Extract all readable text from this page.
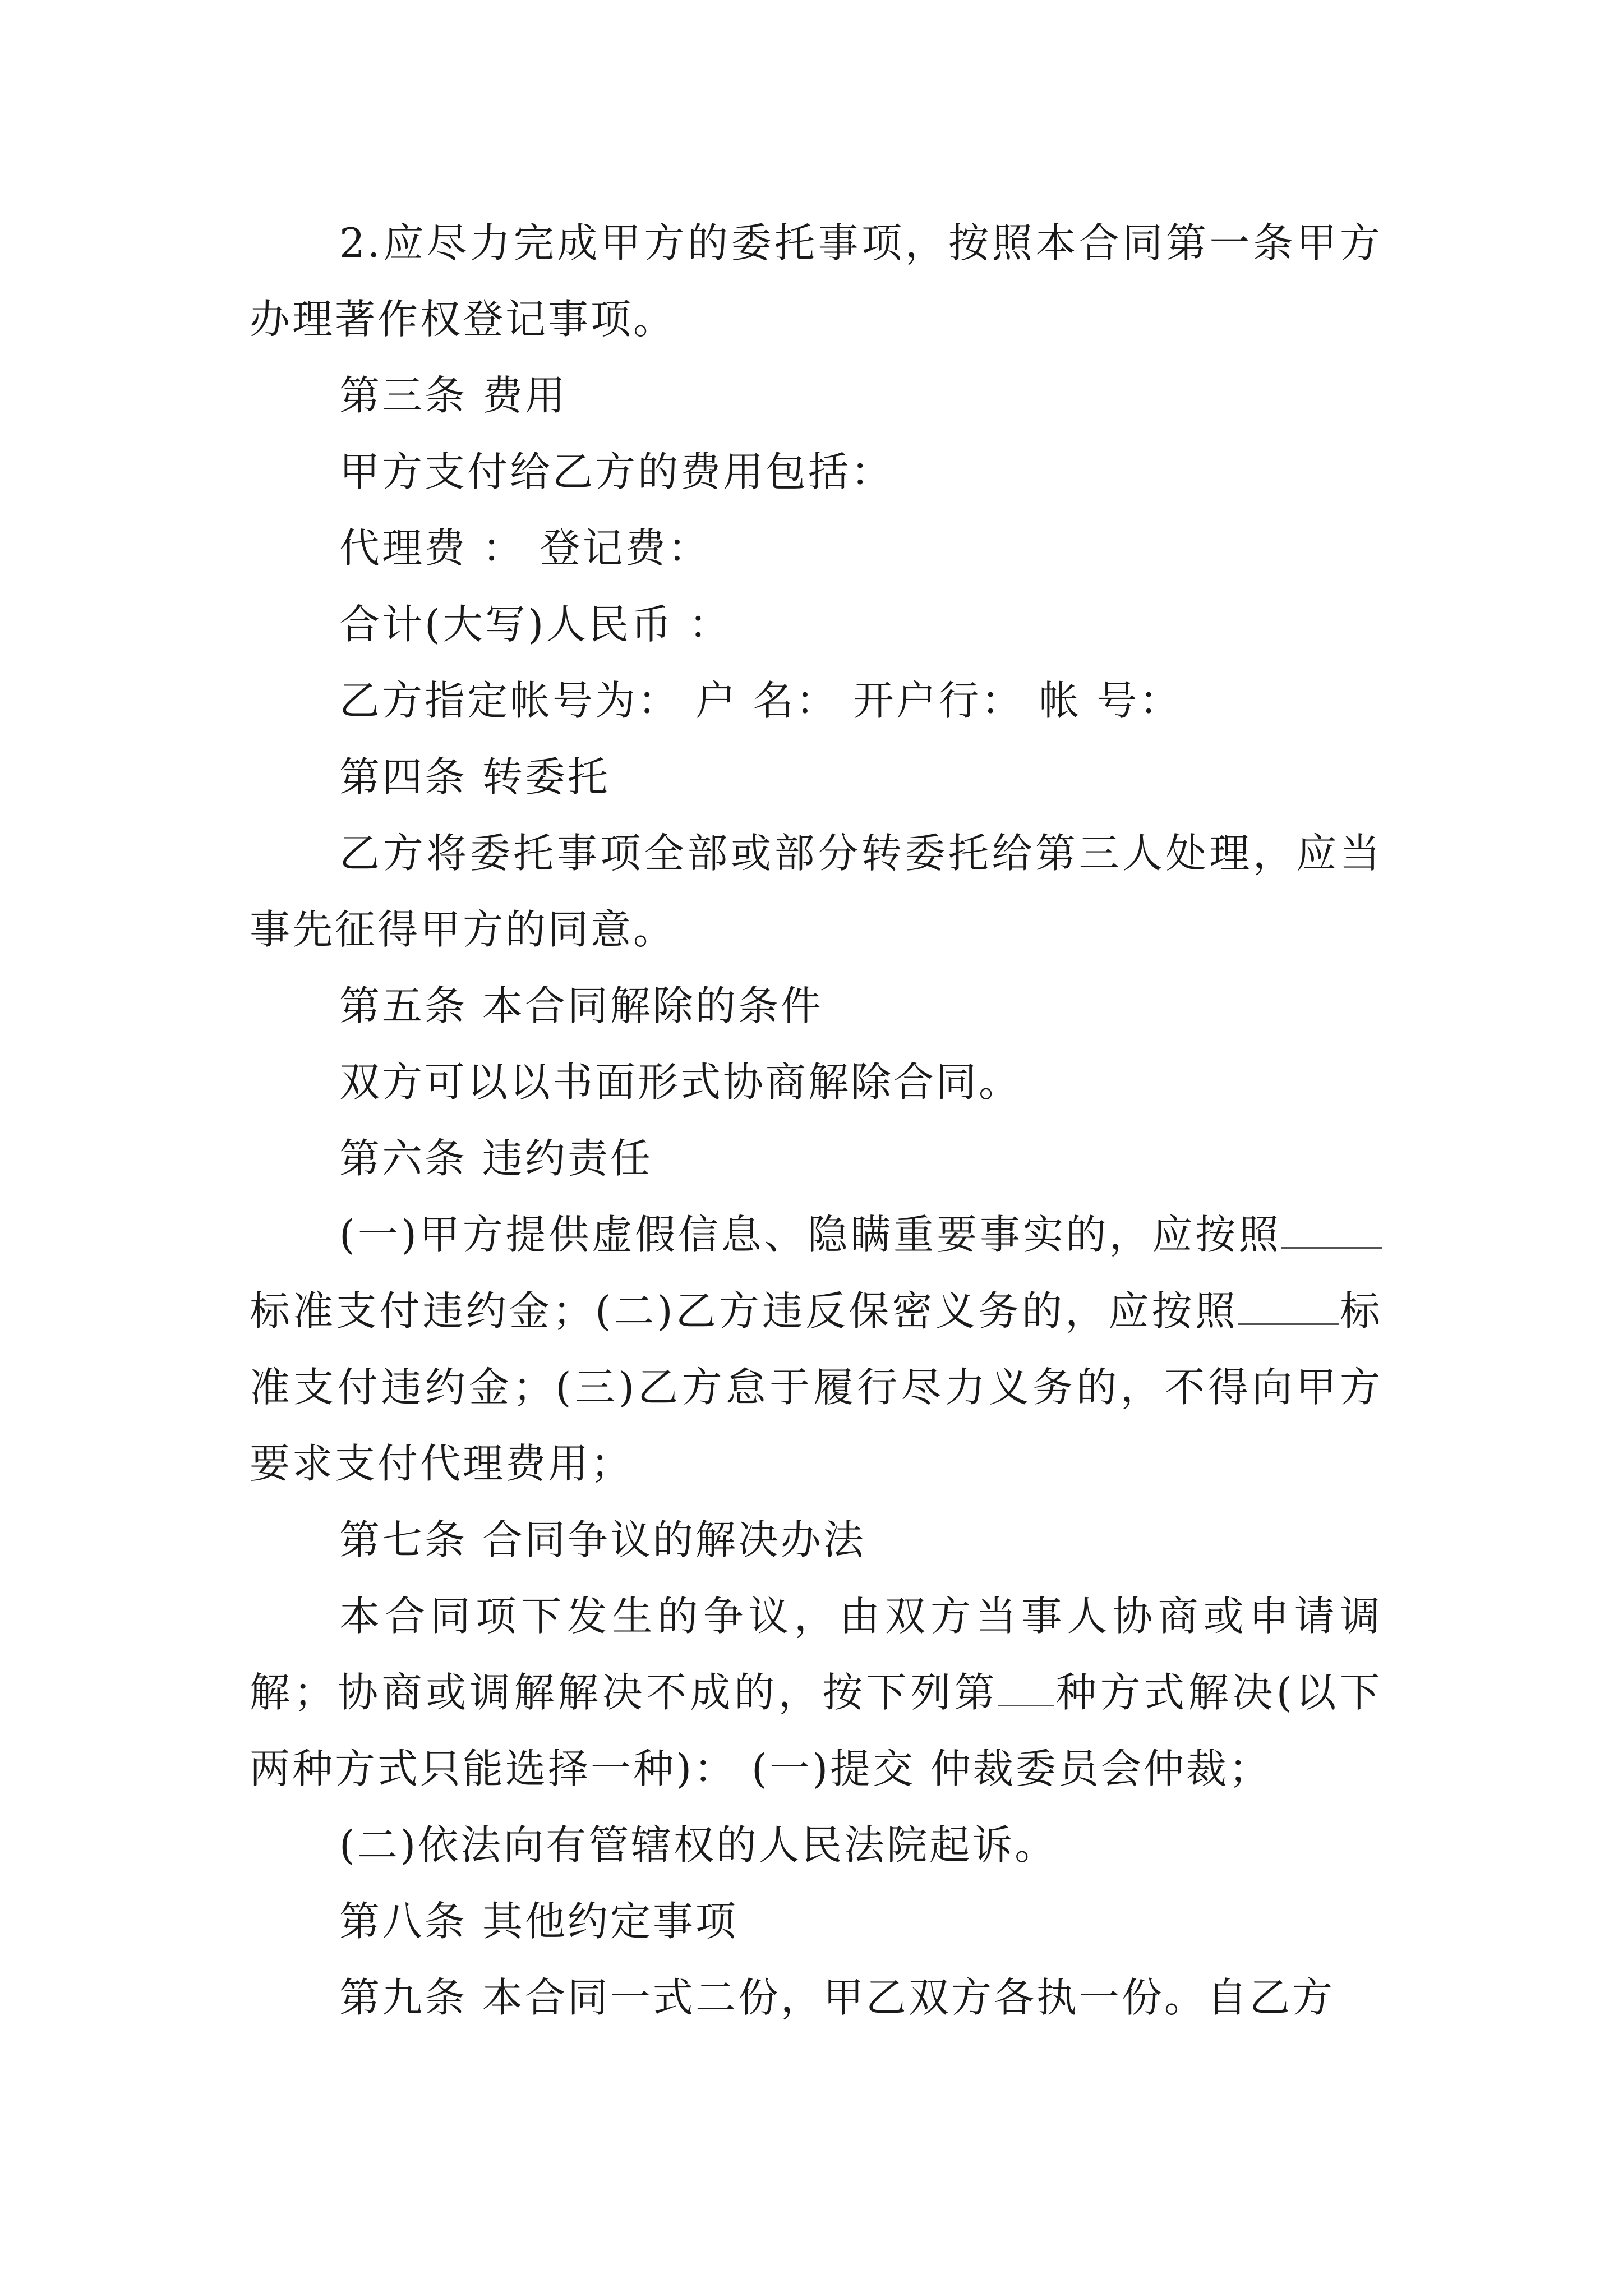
2.应尽力完成甲方的委托事项，按照本合同第一条甲方办理著作权登记事项。

第三条 费用

甲方支付给乙方的费用包括：

代理费 ： 登记费：

合计(大写)人民币 ：

乙方指定帐号为： 户 名： 开户行： 帐 号：

第四条 转委托

乙方将委托事项全部或部分转委托给第三人处理，应当事先征得甲方的同意。

第五条 本合同解除的条件

双方可以以书面形式协商解除合同。

第六条 违约责任

(一)甲方提供虚假信息、隐瞒重要事实的，应按照标准支付违约金；(二)乙方违反保密义务的，应按照	标准支付违约金；(三)乙方怠于履行尽力义务的，不得向甲方要求支付代理费用；

第七条 合同争议的解决办法

本合同项下发生的争议，由双方当事人协商或申请调解；协商或调解解决不成的，按下列第 种方式解决(以下两种方式只能选择一种)： (一)提交 仲裁委员会仲裁；

(二)依法向有管辖权的人民法院起诉。

第八条 其他约定事项

第九条 本合同一式二份，甲乙双方各执一份。自乙方
